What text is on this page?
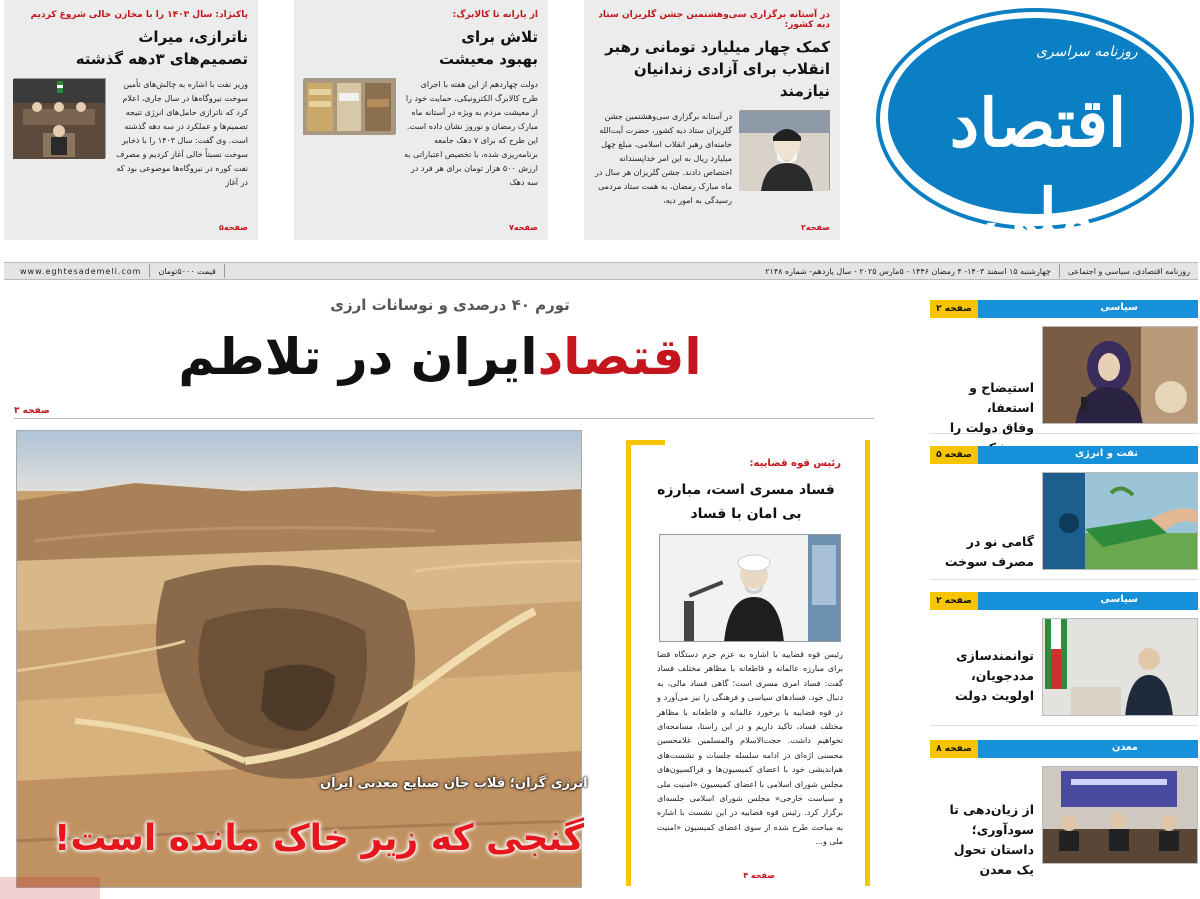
در آستانه برگزاری سی‌وهشتمین جشن گلریزان ستاد دیه کشور:
کمک چهار میلیارد تومانی رهبر
انقلاب برای آزادی زندانیان نیازمند
در آستانه برگزاری سی‌وهشتمین جشن گلریزان ستاد دیه کشور، حضرت آیت‌الله خامنه‌ای رهبر انقلاب اسلامی، مبلغ چهل میلیارد ریال به این امر خداپسندانه اختصاص دادند. جشن گلریزان هر سال در ماه مبارک رمضان، به همت ستاد مردمی رسیدگی به امور دیه،
صفحه۲
از یارانه تا کالابرگ:
تلاش برای
بهبود معیشت
دولت چهاردهم از این هفته با اجرای طرح کالابرگ الکترونیکی، حمایت خود را از معیشت مردم به ویژه در آستانه ماه مبارک رمضان و نوروز نشان داده است. این طرح که برای ۷ دهک جامعه برنامه‌ریزی شده، با تخصیص اعتباراتی به ارزش ۵۰۰ هزار تومان برای هر فرد در سه دهک
صفحه۷
پاکنژاد: سال ۱۴۰۳ را با مخازن خالی شروع کردیم
ناترازی، میراث
تصمیم‌های ۳دهه گذشته
وزیر نفت با اشاره به چالش‌های تأمین سوخت نیروگاه‌ها در سال جاری، اعلام کرد که ناترازی حامل‌های انرژی نتیجه تصمیم‌ها و عملکرد در سه دهه گذشته است. وی گفت: سال ۱۴۰۳ را با ذخایر سوخت نسبتاً خالی آغاز کردیم و مصرف نفت کوره در نیروگاه‌ها موضوعی بود که در آغاز
صفحه۵
روزنامه سراسری
اقتصاد ملی
روزنامه اقتصادی، سیاسی و اجتماعی
چهارشنبه ۱۵ اسفند ۱۴۰۳- ۴ رمضان ۱۴۴۶ - ۵مارس ۲۰۲۵ - سال یازدهم- شماره ۲۱۴۸
قیمت ۵۰۰۰تومان
www.eghtesademeli.com
تورم ۴۰ درصدی و نوسانات ارزی
اقتصادایران در تلاطم
صفحه ۳
انرژی گران؛ قلاب جان صنایع معدنی ایران
گنجی که زیر خاک مانده است!
رئیس قوه قضاییه:
فساد مسری است، مبارزه
بی امان با فساد
رئیس قوه قضاییه با اشاره به عزم جزم دستگاه قضا برای مبارزه عالمانه و قاطعانه با مظاهر مختلف فساد گفت: فساد امری مسری است؛ گاهی فساد مالی، به دنبال خود، فسادهای سیاسی و فرهنگی را نیز می‌آورد و در قوه قضاییه با برخورد عالمانه و قاطعانه با مظاهر مختلف فساد، تاکید داریم و در این راستا، مسامحه‌ای نخواهیم داشت. حجت‌الاسلام والمسلمین غلامحسین محسنی اژه‌ای در ادامه سلسله جلسات و نشست‌های هم‌اندیشی خود با اعضای کمیسیون‌ها و فراکسیون‌های مجلس شورای اسلامی با اعضای کمیسیون «امنیت ملی و سیاست خارجی» مجلس شورای اسلامی جلسه‌ای برگزار کرد. رئیس قوه قضاییه در این نشست با اشاره به مباحث طرح شده از سوی اعضای کمیسیون «امنیت ملی و...
صفحه ۴
سیاسی
صفحه ۲
استیضاح و استعفا،
وفاق دولت را
نفت و انرژی
صفحه ۵
گامی نو در
مصرف سوخت
سیاسی
صفحه ۲
توانمندسازی
مددجویان،
اولویت دولت
معدن
صفحه ۸
از زیان‌دهی تا
سودآوری؛
داستان تحول
یک معدن
